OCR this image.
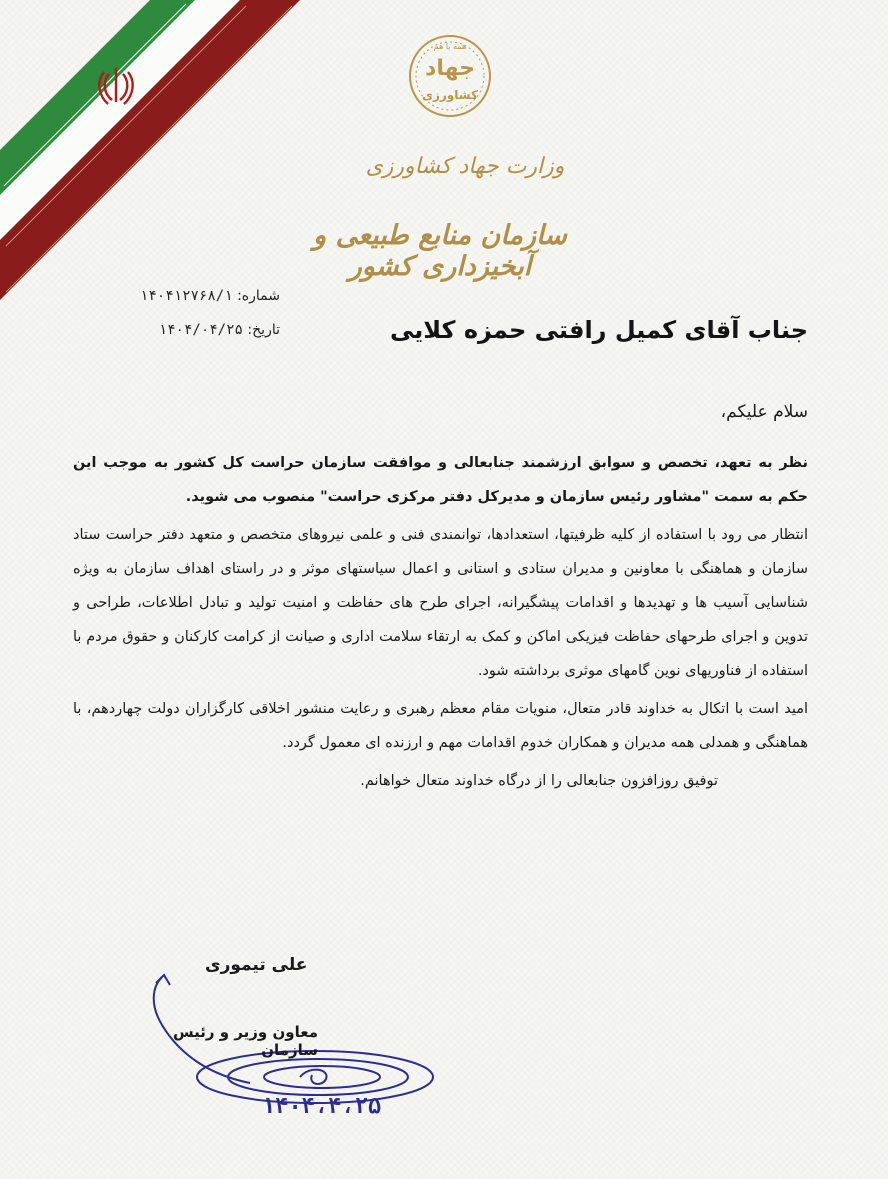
همه با هم
جهاد
کشاورزی
وزارت جهاد کشاورزی
سازمان منابع طبیعی و آبخیزداری کشور
شماره: ۱۴۰۴۱۲۷۶۸/۱
تاریخ: ۱۴۰۴/۰۴/۲۵	جناب آقای کمیل رافتی حمزه کلایی
سلام علیکم،

نظر به تعهد، تخصص و سوابق ارزشمند جنابعالی و موافقت سازمان حراست کل کشور به موجب این حکم به سمت "مشاور رئیس سازمان و مدیرکل دفتر مرکزی حراست" منصوب می شوید.

انتظار می رود با استفاده از کلیه ظرفیتها، استعدادها، توانمندی فنی و علمی نیروهای متخصص و متعهد دفتر حراست ستاد سازمان و هماهنگی با معاونین و مدیران ستادی و استانی و اعمال سیاستهای موثر و در راستای اهداف سازمان به ویژه شناسایی آسیب ها و تهدیدها و اقدامات پیشگیرانه، اجرای طرح های حفاظت و امنیت تولید و تبادل اطلاعات، طراحی و تدوین و اجرای طرحهای حفاظت فیزیکی اماکن و کمک به ارتقاء سلامت اداری و صیانت از کرامت کارکنان و حقوق مردم با استفاده از فناوریهای نوین گامهای موثری برداشته شود.

امید است با اتکال به خداوند قادر متعال، منویات مقام معظم رهبری و رعایت منشور اخلاقی کارگزاران دولت چهاردهم، با هماهنگی و همدلی همه مدیران و همکاران خدوم اقدامات مهم و ارزنده ای معمول گردد.

توفیق روزافزون جنابعالی را از درگاه خداوند متعال خواهانم.

علی تیموری
معاون وزیر و رئیس سازمان
۱۴۰۴،۴،۲۵
